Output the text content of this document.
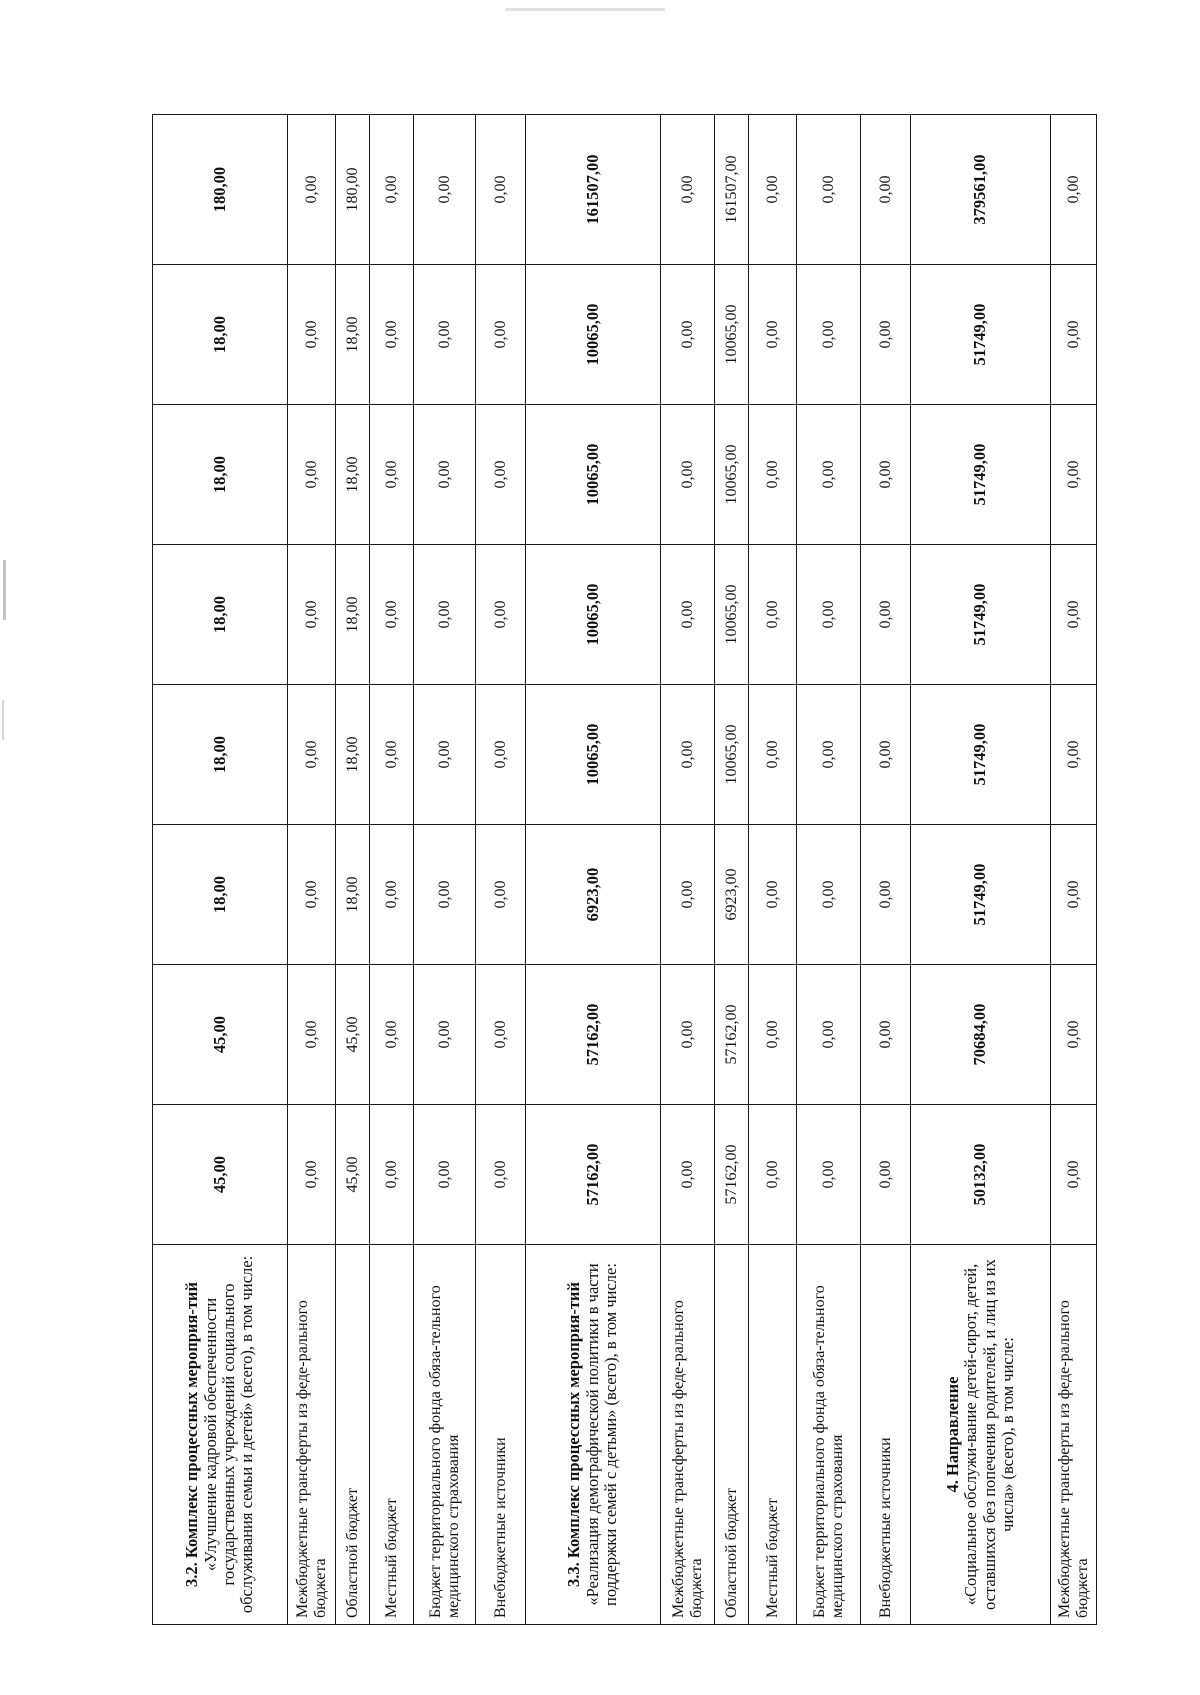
3.2. Комплекс процессных мероприя-тий
«Улучшение кадровой обеспеченности государственных учреждений социального обслуживания семьи и детей» (всего), в том числе:	45,00	45,00	18,00	18,00	18,00	18,00	18,00	180,00
Межбюджетные трансферты из феде-рального бюджета	0,00	0,00	0,00	0,00	0,00	0,00	0,00	0,00
Областной бюджет	45,00	45,00	18,00	18,00	18,00	18,00	18,00	180,00
Местный бюджет	0,00	0,00	0,00	0,00	0,00	0,00	0,00	0,00
Бюджет территориального фонда обяза-тельного медицинского страхования	0,00	0,00	0,00	0,00	0,00	0,00	0,00	0,00
Внебюджетные источники	0,00	0,00	0,00	0,00	0,00	0,00	0,00	0,00
3.3. Комплекс процессных мероприя-тий
«Реализация демографической политики в части поддержки семей с детьми» (всего), в том числе:	57162,00	57162,00	6923,00	10065,00	10065,00	10065,00	10065,00	161507,00
Межбюджетные трансферты из феде-рального бюджета	0,00	0,00	0,00	0,00	0,00	0,00	0,00	0,00
Областной бюджет	57162,00	57162,00	6923,00	10065,00	10065,00	10065,00	10065,00	161507,00
Местный бюджет	0,00	0,00	0,00	0,00	0,00	0,00	0,00	0,00
Бюджет территориального фонда обяза-тельного медицинского страхования	0,00	0,00	0,00	0,00	0,00	0,00	0,00	0,00
Внебюджетные источники	0,00	0,00	0,00	0,00	0,00	0,00	0,00	0,00
4. Направление
«Социальное обслужи-вание детей-сирот, детей, оставшихся без попечения родителей, и лиц из их числа» (всего), в том числе:	50132,00	70684,00	51749,00	51749,00	51749,00	51749,00	51749,00	379561,00
Межбюджетные трансферты из феде-рального бюджета	0,00	0,00	0,00	0,00	0,00	0,00	0,00	0,00
